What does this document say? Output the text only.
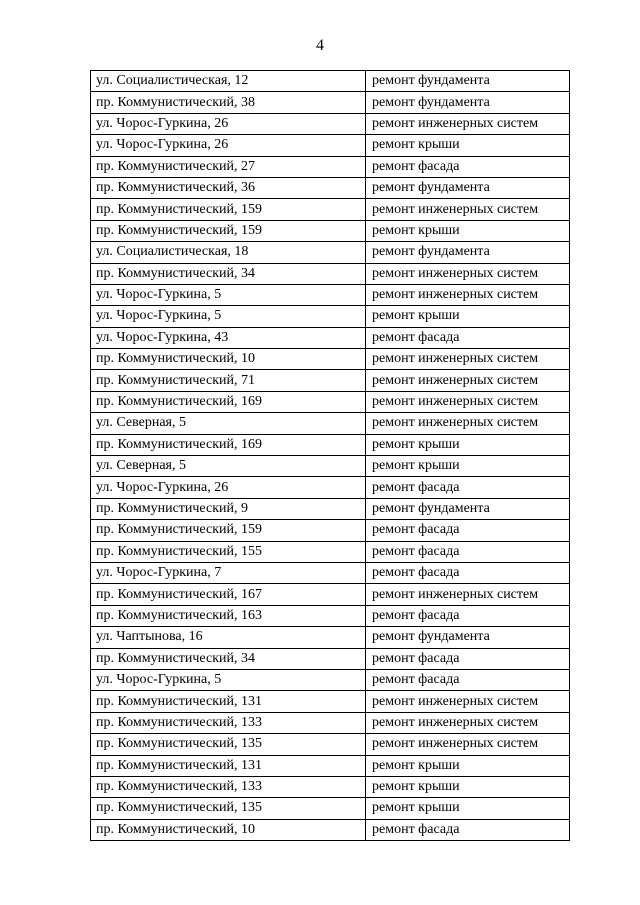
4
ул. Социалистическая, 12	ремонт фундамента
пр. Коммунистический, 38	ремонт фундамента
ул. Чорос-Гуркина, 26	ремонт инженерных систем
ул. Чорос-Гуркина, 26	ремонт крыши
пр. Коммунистический, 27	ремонт фасада
пр. Коммунистический, 36	ремонт фундамента
пр. Коммунистический, 159	ремонт инженерных систем
пр. Коммунистический, 159	ремонт крыши
ул. Социалистическая, 18	ремонт фундамента
пр. Коммунистический, 34	ремонт инженерных систем
ул. Чорос-Гуркина, 5	ремонт инженерных систем
ул. Чорос-Гуркина, 5	ремонт крыши
ул. Чорос-Гуркина, 43	ремонт фасада
пр. Коммунистический, 10	ремонт инженерных систем
пр. Коммунистический, 71	ремонт инженерных систем
пр. Коммунистический, 169	ремонт инженерных систем
ул. Северная, 5	ремонт инженерных систем
пр. Коммунистический, 169	ремонт крыши
ул. Северная, 5	ремонт крыши
ул. Чорос-Гуркина, 26	ремонт фасада
пр. Коммунистический, 9	ремонт фундамента
пр. Коммунистический, 159	ремонт фасада
пр. Коммунистический, 155	ремонт фасада
ул. Чорос-Гуркина, 7	ремонт фасада
пр. Коммунистический, 167	ремонт инженерных систем
пр. Коммунистический, 163	ремонт фасада
ул. Чаптынова, 16	ремонт фундамента
пр. Коммунистический, 34	ремонт фасада
ул. Чорос-Гуркина, 5	ремонт фасада
пр. Коммунистический, 131	ремонт инженерных систем
пр. Коммунистический, 133	ремонт инженерных систем
пр. Коммунистический, 135	ремонт инженерных систем
пр. Коммунистический, 131	ремонт крыши
пр. Коммунистический, 133	ремонт крыши
пр. Коммунистический, 135	ремонт крыши
пр. Коммунистический, 10	ремонт фасада
